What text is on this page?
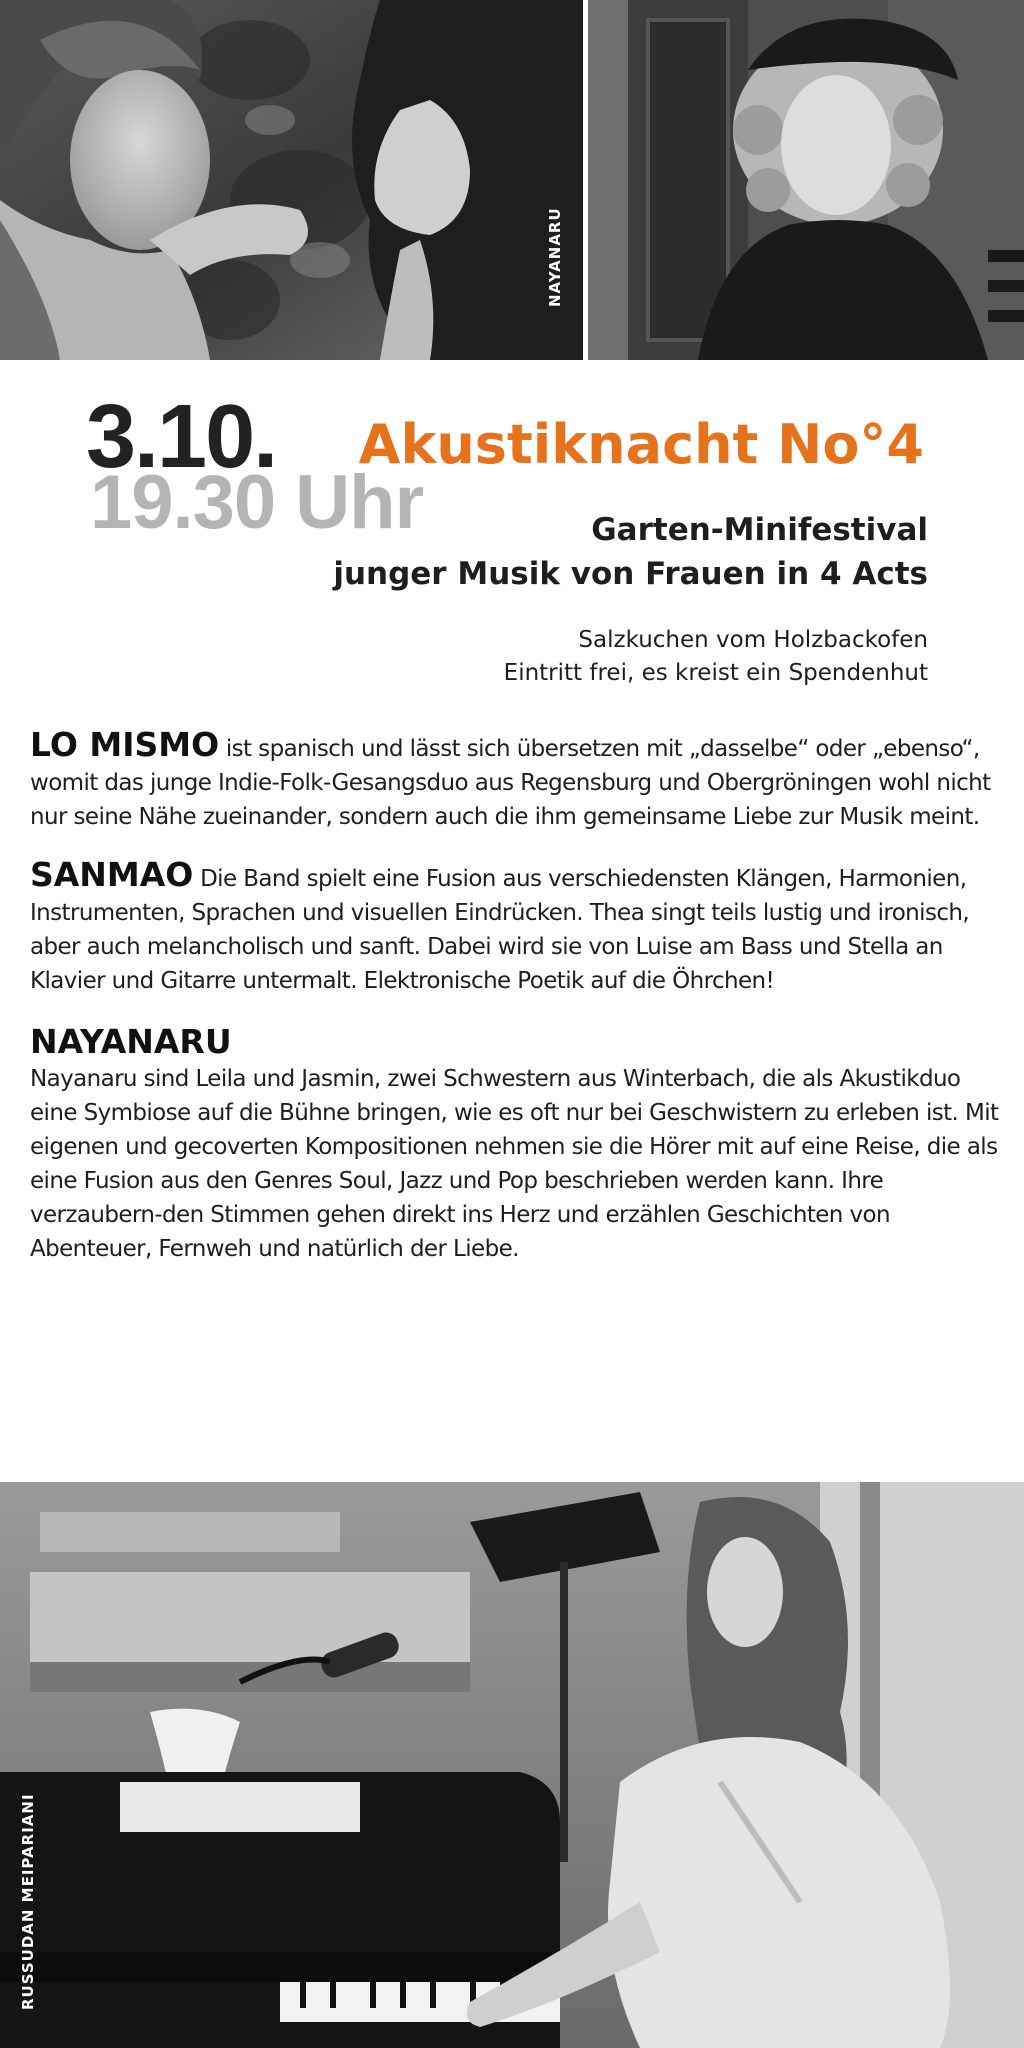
NAYANARU
19.30 Uhr
3.10. Akustiknacht No°4
Garten-Minifestival
junger Musik von Frauen in 4 Acts
Salzkuchen vom Holzbackofen
Eintritt frei, es kreist ein Spendenhut

LO MISMO ist spanisch und lässt sich übersetzen mit „dasselbe“ oder „ebenso“, womit das junge Indie-Folk-Gesangsduo aus Regensburg und Obergröningen wohl nicht nur seine Nähe zueinander, sondern auch die ihm gemeinsame Liebe zur Musik meint.

SANMAO Die Band spielt eine Fusion aus verschiedensten Klängen, Harmonien, Instrumenten, Sprachen und visuellen Eindrücken. Thea singt teils lustig und ironisch, aber auch melancholisch und sanft. Dabei wird sie von Luise am Bass und Stella an Klavier und Gitarre untermalt. Elektronische Poetik auf die Öhrchen!

NAYANARU
Nayanaru sind Leila und Jasmin, zwei Schwestern aus Winterbach, die als Akustikduo eine Symbiose auf die Bühne bringen, wie es oft nur bei Geschwistern zu erleben ist. Mit eigenen und gecoverten Kompositionen nehmen sie die Hörer mit auf eine Reise, die als eine Fusion aus den Genres Soul, Jazz und Pop beschrieben werden kann. Ihre verzaubern-den Stimmen gehen direkt ins Herz und erzählen Geschichten von Abenteuer, Fernweh und natürlich der Liebe.

RUSSUDAN MEIPARIANI
